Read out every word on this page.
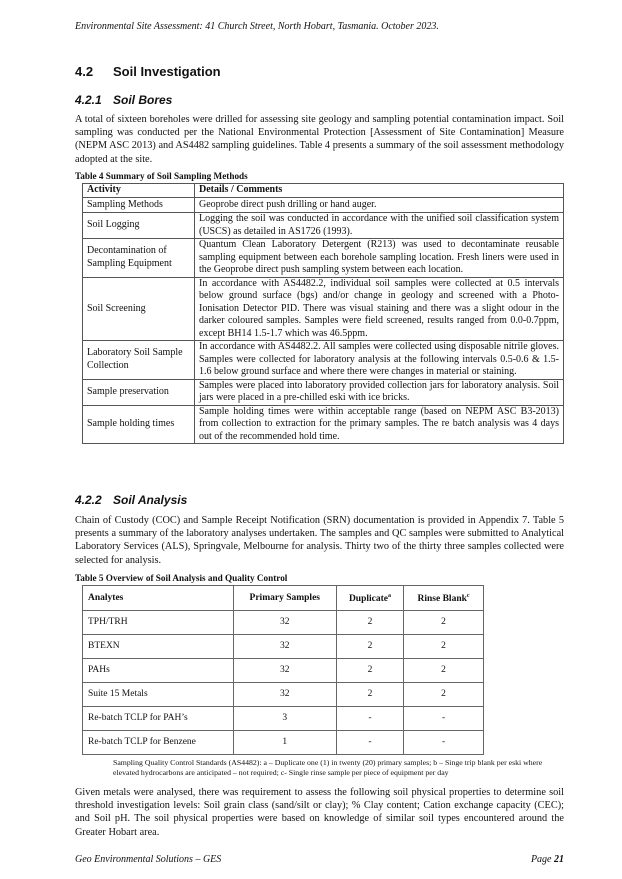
Environmental Site Assessment: 41 Church Street, North Hobart, Tasmania. October 2023.
4.2 Soil Investigation
4.2.1 Soil Bores

A total of sixteen boreholes were drilled for assessing site geology and sampling potential contamination impact. Soil sampling was conducted per the National Environmental Protection [Assessment of Site Contamination] Measure (NEPM ASC 2013) and AS4482 sampling guidelines. Table 4 presents a summary of the soil assessment methodology adopted at the site.

Table 4 Summary of Soil Sampling Methods
Activity	Details / Comments
Sampling Methods	Geoprobe direct push drilling or hand auger.
Soil Logging	Logging the soil was conducted in accordance with the unified soil classification system (USCS) as detailed in AS1726 (1993).
Decontamination of Sampling Equipment	Quantum Clean Laboratory Detergent (R213) was used to decontaminate reusable sampling equipment between each borehole sampling location. Fresh liners were used in the Geoprobe direct push sampling system between each location.
Soil Screening	In accordance with AS4482.2, individual soil samples were collected at 0.5 intervals below ground surface (bgs) and/or change in geology and screened with a Photo-Ionisation Detector PID. There was visual staining and there was a slight odour in the darker coloured samples. Samples were field screened, results ranged from 0.0-0.7ppm, except BH14 1.5-1.7 which was 46.5ppm.
Laboratory Soil Sample Collection	In accordance with AS4482.2. All samples were collected using disposable nitrile gloves. Samples were collected for laboratory analysis at the following intervals 0.5-0.6 & 1.5-1.6 below ground surface and where there were changes in material or staining.
Sample preservation	Samples were placed into laboratory provided collection jars for laboratory analysis. Soil jars were placed in a pre-chilled eski with ice bricks.
Sample holding times	Sample holding times were within acceptable range (based on NEPM ASC B3-2013) from collection to extraction for the primary samples. The re batch analysis was 4 days out of the recommended hold time.
4.2.2 Soil Analysis

Chain of Custody (COC) and Sample Receipt Notification (SRN) documentation is provided in Appendix 7. Table 5 presents a summary of the laboratory analyses undertaken. The samples and QC samples were submitted to Analytical Laboratory Services (ALS), Springvale, Melbourne for analysis. Thirty two of the thirty three samples collected were selected for analysis.

Table 5 Overview of Soil Analysis and Quality Control
Analytes	Primary Samples	Duplicate$^a$	Rinse Blank$^c$
TPH/TRH	32	2	2
BTEXN	32	2	2
PAHs	32	2	2
Suite 15 Metals	32	2	2
Re-batch TCLP for PAH’s	3	-	-
Re-batch TCLP for Benzene	1	-	-
Sampling Quality Control Standards (AS4482): a – Duplicate one (1) in twenty (20) primary samples; b – Singe trip blank per eski where elevated hydrocarbons are anticipated – not required; c- Single rinse sample per piece of equipment per day

Given metals were analysed, there was requirement to assess the following soil physical properties to determine soil threshold investigation levels: Soil grain class (sand/silt or clay); % Clay content; Cation exchange capacity (CEC); and Soil pH. The soil physical properties were based on knowledge of similar soil types encountered around the Greater Hobart area.

Geo Environmental Solutions – GES	Page 21
